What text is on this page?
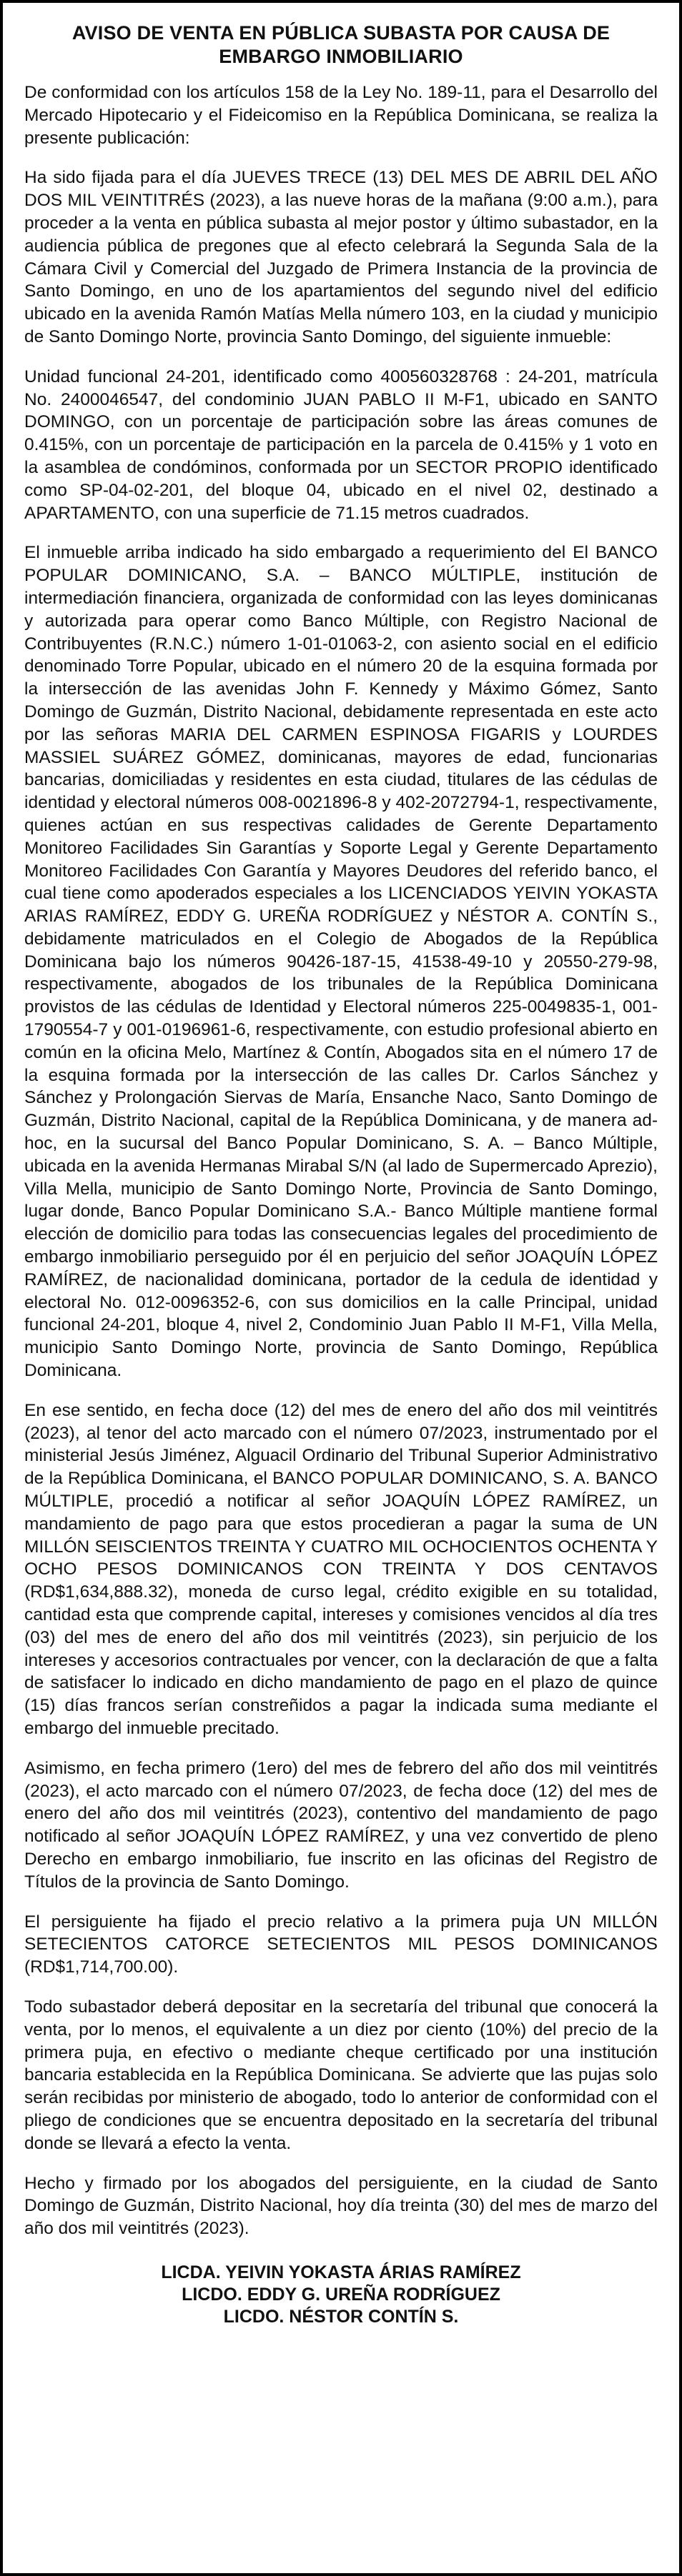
AVISO DE VENTA EN PÚBLICA SUBASTA POR CAUSA DE EMBARGO INMOBILIARIO

De conformidad con los artículos 158 de la Ley No. 189-11, para el Desarrollo del Mercado Hipotecario y el Fideicomiso en la República Dominicana, se realiza la presente publicación:

Ha sido fijada para el día JUEVES TRECE (13) DEL MES DE ABRIL DEL AÑO DOS MIL VEINTITRÉS (2023), a las nueve horas de la mañana (9:00 a.m.), para proceder a la venta en pública subasta al mejor postor y último subastador, en la audiencia pública de pregones que al efecto celebrará la Segunda Sala de la Cámara Civil y Comercial del Juzgado de Primera Instancia de la provincia de Santo Domingo, en uno de los apartamientos del segundo nivel del edificio ubicado en la avenida Ramón Matías Mella número 103, en la ciudad y municipio de Santo Domingo Norte, provincia Santo Domingo, del siguiente inmueble:

Unidad funcional 24-201, identificado como 400560328768 : 24-201, matrícula No. 2400046547, del condominio JUAN PABLO II M-F1, ubicado en SANTO DOMINGO, con un porcentaje de participación sobre las áreas comunes de 0.415%, con un porcentaje de participación en la parcela de 0.415% y 1 voto en la asamblea de condóminos, conformada por un SECTOR PROPIO identificado como SP-04-02-201, del bloque 04, ubicado en el nivel 02, destinado a APARTAMENTO, con una superficie de 71.15 metros cuadrados.

El inmueble arriba indicado ha sido embargado a requerimiento del El BANCO POPULAR DOMINICANO, S.A. – BANCO MÚLTIPLE, institución de intermediación financiera, organizada de conformidad con las leyes dominicanas y autorizada para operar como Banco Múltiple, con Registro Nacional de Contribuyentes (R.N.C.) número 1-01-01063-2, con asiento social en el edificio denominado Torre Popular, ubicado en el número 20 de la esquina formada por la intersección de las avenidas John F. Kennedy y Máximo Gómez, Santo Domingo de Guzmán, Distrito Nacional, debidamente representada en este acto por las señoras MARIA DEL CARMEN ESPINOSA FIGARIS y LOURDES MASSIEL SUÁREZ GÓMEZ, dominicanas, mayores de edad, funcionarias bancarias, domiciliadas y residentes en esta ciudad, titulares de las cédulas de identidad y electoral números 008-0021896-8 y 402-2072794-1, respectivamente, quienes actúan en sus respectivas calidades de Gerente Departamento Monitoreo Facilidades Sin Garantías y Soporte Legal y Gerente Departamento Monitoreo Facilidades Con Garantía y Mayores Deudores del referido banco, el cual tiene como apoderados especiales a los LICENCIADOS YEIVIN YOKASTA ARIAS RAMÍREZ, EDDY G. UREÑA RODRÍGUEZ y NÉSTOR A. CONTÍN S., debidamente matriculados en el Colegio de Abogados de la República Dominicana bajo los números 90426-187-15, 41538-49-10 y 20550-279-98, respectivamente, abogados de los tribunales de la República Dominicana provistos de las cédulas de Identidad y Electoral números 225-0049835-1, 001-1790554-7 y 001-0196961-6, respectivamente, con estudio profesional abierto en común en la oficina Melo, Martínez & Contín, Abogados sita en el número 17 de la esquina formada por la intersección de las calles Dr. Carlos Sánchez y Sánchez y Prolongación Siervas de María, Ensanche Naco, Santo Domingo de Guzmán, Distrito Nacional, capital de la República Dominicana, y de manera ad-hoc, en la sucursal del Banco Popular Dominicano, S. A. – Banco Múltiple, ubicada en la avenida Hermanas Mirabal S/N (al lado de Supermercado Aprezio), Villa Mella, municipio de Santo Domingo Norte, Provincia de Santo Domingo, lugar donde, Banco Popular Dominicano S.A.- Banco Múltiple mantiene formal elección de domicilio para todas las consecuencias legales del procedimiento de embargo inmobiliario perseguido por él en perjuicio del señor JOAQUÍN LÓPEZ RAMÍREZ, de nacionalidad dominicana, portador de la cedula de identidad y electoral No. 012-0096352-6, con sus domicilios en la calle Principal, unidad funcional 24-201, bloque 4, nivel 2, Condominio Juan Pablo II M-F1, Villa Mella, municipio Santo Domingo Norte, provincia de Santo Domingo, República Dominicana.

En ese sentido, en fecha doce (12) del mes de enero del año dos mil veintitrés (2023), al tenor del acto marcado con el número 07/2023, instrumentado por el ministerial Jesús Jiménez, Alguacil Ordinario del Tribunal Superior Administrativo de la República Dominicana, el BANCO POPULAR DOMINICANO, S. A. BANCO MÚLTIPLE, procedió a notificar al señor JOAQUÍN LÓPEZ RAMÍREZ, un mandamiento de pago para que estos procedieran a pagar la suma de UN MILLÓN SEISCIENTOS TREINTA Y CUATRO MIL OCHOCIENTOS OCHENTA Y OCHO PESOS DOMINICANOS CON TREINTA Y DOS CENTAVOS (RD$1,634,888.32), moneda de curso legal, crédito exigible en su totalidad, cantidad esta que comprende capital, intereses y comisiones vencidos al día tres (03) del mes de enero del año dos mil veintitrés (2023), sin perjuicio de los intereses y accesorios contractuales por vencer, con la declaración de que a falta de satisfacer lo indicado en dicho mandamiento de pago en el plazo de quince (15) días francos serían constreñidos a pagar la indicada suma mediante el embargo del inmueble precitado.

Asimismo, en fecha primero (1ero) del mes de febrero del año dos mil veintitrés (2023), el acto marcado con el número 07/2023, de fecha doce (12) del mes de enero del año dos mil veintitrés (2023), contentivo del mandamiento de pago notificado al señor JOAQUÍN LÓPEZ RAMÍREZ, y una vez convertido de pleno Derecho en embargo inmobiliario, fue inscrito en las oficinas del Registro de Títulos de la provincia de Santo Domingo.

El persiguiente ha fijado el precio relativo a la primera puja UN MILLÓN SETECIENTOS CATORCE SETECIENTOS MIL PESOS DOMINICANOS (RD$1,714,700.00).

Todo subastador deberá depositar en la secretaría del tribunal que conocerá la venta, por lo menos, el equivalente a un diez por ciento (10%) del precio de la primera puja, en efectivo o mediante cheque certificado por una institución bancaria establecida en la República Dominicana. Se advierte que las pujas solo serán recibidas por ministerio de abogado, todo lo anterior de conformidad con el pliego de condiciones que se encuentra depositado en la secretaría del tribunal donde se llevará a efecto la venta.

Hecho y firmado por los abogados del persiguiente, en la ciudad de Santo Domingo de Guzmán, Distrito Nacional, hoy día treinta (30) del mes de marzo del año dos mil veintitrés (2023).

LICDA. YEIVIN YOKASTA ÁRIAS RAMÍREZ
LICDO. EDDY G. UREÑA RODRÍGUEZ
LICDO. NÉSTOR CONTÍN S.
